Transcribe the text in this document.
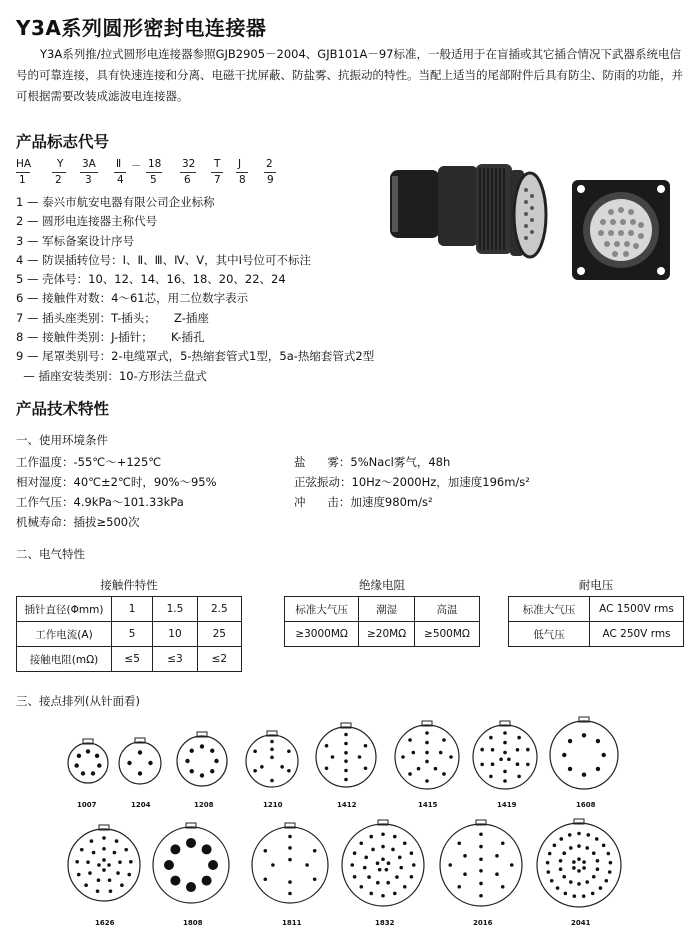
Y3A系列圆形密封电连接器
Y3A系列推/拉式圆形电连接器参照GJB2905－2004、GJB101A－97标准，一般适用于在盲插或其它插合情况下武器系统电信号的可靠连接，具有快速连接和分离、电磁干扰屏蔽、防盐雾、抗振动的特性。当配上适当的尾部附件后具有防尘、防雨的功能，并可根据需要改装成滤波电连接器。
产品标志代号
HA Y 3A Ⅱ － 18 32 T J 2
1	2 3 4	5	6 7 8 9
1 — 泰兴市航安电器有限公司企业标称
2 — 圆形电连接器主称代号
3 — 军标备案设计序号
4 — 防误插转位号：Ⅰ、Ⅱ、Ⅲ、Ⅳ、Ⅴ，其中Ⅰ号位可不标注
5 — 壳体号：10、12、14、16、18、20、22、24
6 — 接触件对数：4～61芯，用二位数字表示
7 — 插头座类别：T-插头；     Z-插座
8 — 接触件类别：J-插针；     K-插孔
9 — 尾罩类别号：2-电缆罩式，5-热缩套管式1型，5a-热缩套管式2型
— 插座安装类别：10-方形法兰盘式
产品技术特性
一、使用环境条件
工作温度：-55℃～+125℃
相对湿度：40℃±2℃时，90%～95%
工作气压：4.9kPa～101.33kPa
机械寿命：插拔≥500次
盐      雾：5%Nacl雾气，48h
正弦振动：10Hz～2000Hz，加速度196m/s²
冲      击：加速度980m/s²
二、电气特性
接触件特性
插针直径(Φmm)	1	1.5	2.5
工作电流(A)	5	10	25
接触电阻(mΩ)	≤5	≤3	≤2
绝缘电阻
标准大气压	潮湿	高温
≥3000MΩ	≥20MΩ	≥500MΩ
耐电压
标准大气压	AC 1500V rms
低气压	AC 250V rms
三、接点排列(从针面看)
1007	1204	1208	1210	1412	1415	1419	1608
1626	1808	1811	1832	2016	2041
